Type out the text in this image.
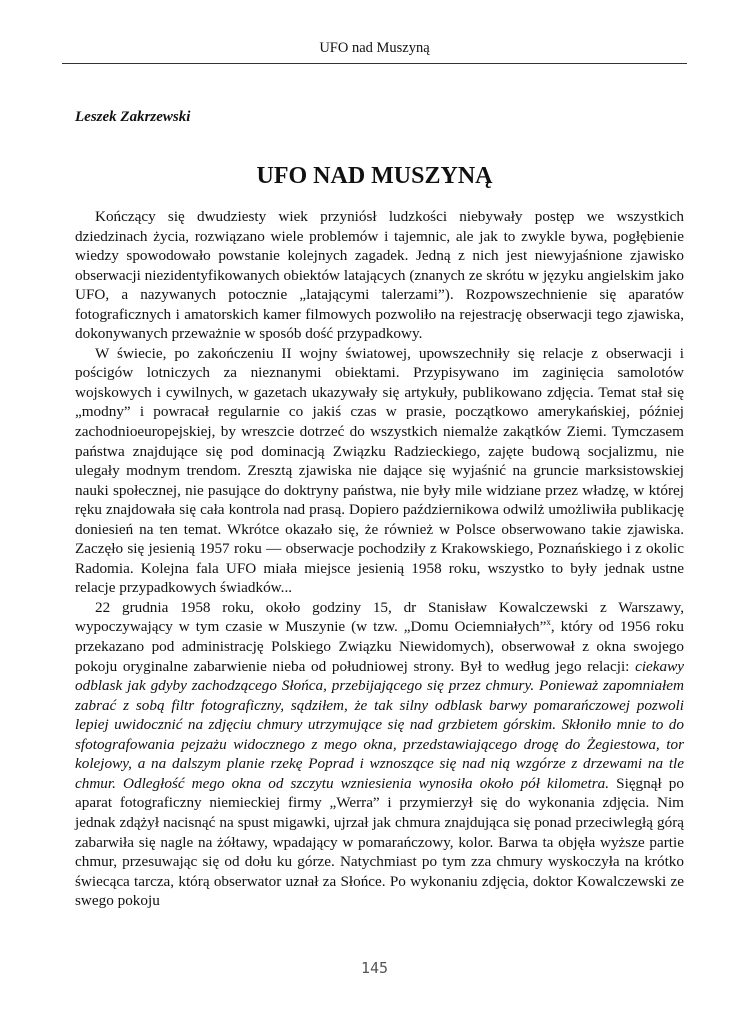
UFO nad Muszyną
Leszek Zakrzewski
UFO NAD MUSZYNĄ

Kończący się dwudziesty wiek przyniósł ludzkości niebywały postęp we wszystkich dziedzinach życia, rozwiązano wiele problemów i tajemnic, ale jak to zwykle bywa, pogłębienie wiedzy spowodowało powstanie kolejnych zagadek. Jedną z nich jest niewyjaśnione zjawisko obserwacji niezidentyfikowanych obiektów latających (znanych ze skrótu w języku angielskim jako UFO, a nazywanych potocznie „latającymi talerzami”). Rozpowszechnienie się aparatów fotograficznych i amatorskich kamer filmowych pozwoliło na rejestrację obserwacji tego zjawiska, dokonywanych przeważnie w sposób dość przypadkowy.

W świecie, po zakończeniu II wojny światowej, upowszechniły się relacje z obserwacji i pościgów lotniczych za nieznanymi obiektami. Przypisywano im zaginięcia samolotów wojskowych i cywilnych, w gazetach ukazywały się artykuły, publikowano zdjęcia. Temat stał się „modny” i powracał regularnie co jakiś czas w prasie, początkowo amerykańskiej, później zachodnioeuropejskiej, by wreszcie dotrzeć do wszystkich niemalże zakątków Ziemi. Tymczasem państwa znajdujące się pod dominacją Związku Radzieckiego, zajęte budową socjalizmu, nie ulegały modnym trendom. Zresztą zjawiska nie dające się wyjaśnić na gruncie marksistowskiej nauki społecznej, nie pasujące do doktryny państwa, nie były mile widziane przez władzę, w której ręku znajdowała się cała kontrola nad prasą. Dopiero październikowa odwilż umożliwiła publikację doniesień na ten temat. Wkrótce okazało się, że również w Polsce obserwowano takie zjawiska. Zaczęło się jesienią 1957 roku — obserwacje pochodziły z Krakowskiego, Poznańskiego i z okolic Radomia. Kolejna fala UFO miała miejsce jesienią 1958 roku, wszystko to były jednak ustne relacje przypadkowych świadków...

22 grudnia 1958 roku, około godziny 15, dr Stanisław Kowalczewski z Warszawy, wypoczywający w tym czasie w Muszynie (w tzw. „Domu Ociemniałych”$^x$, który od 1956 roku przekazano pod administrację Polskiego Związku Niewidomych), obserwował z okna swojego pokoju oryginalne zabarwienie nieba od południowej strony. Był to według jego relacji: ciekawy odblask jak gdyby zachodzącego Słońca, przebijającego się przez chmury. Ponieważ zapomniałem zabrać z sobą filtr fotograficzny, sądziłem, że tak silny odblask barwy pomarańczowej pozwoli lepiej uwidocznić na zdjęciu chmury utrzymujące się nad grzbietem górskim. Skłoniło mnie to do sfotografowania pejzażu widocznego z mego okna, przedstawiającego drogę do Żegiestowa, tor kolejowy, a na dalszym planie rzekę Poprad i wznoszące się nad nią wzgórze z drzewami na tle chmur. Odległość mego okna od szczytu wzniesienia wynosiła około pół kilometra. Sięgnął po aparat fotograficzny niemieckiej firmy „Werra” i przymierzył się do wykonania zdjęcia. Nim jednak zdążył nacisnąć na spust migawki, ujrzał jak chmura znajdująca się ponad przeciwległą górą zabarwiła się nagle na żółtawy, wpadający w pomarańczowy, kolor. Barwa ta objęła wyższe partie chmur, przesuwając się od dołu ku górze. Natychmiast po tym zza chmury wyskoczyła na krótko świecąca tarcza, którą obserwator uznał za Słońce. Po wykonaniu zdjęcia, doktor Kowalczewski ze swego pokoju

145
